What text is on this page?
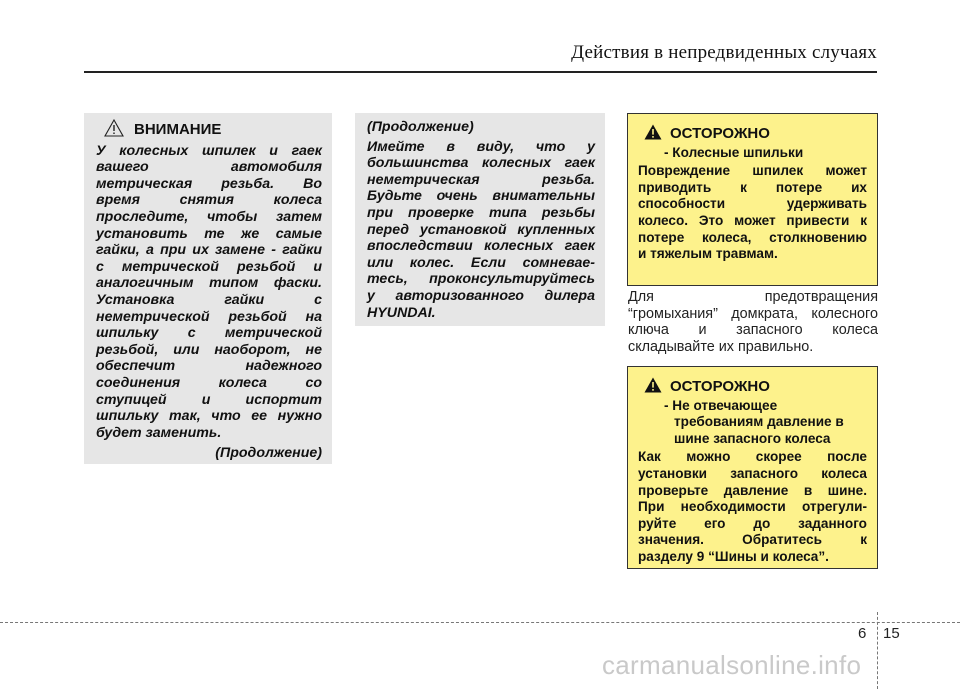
Действия в непредвиденных случаях
ВНИМАНИЕ

У колесных шпилек и гаек

вашего автомобиля

метрическая резьба. Во

время снятия колеса

проследите, чтобы затем

установить те же самые

гайки, а при их замене - гайки

с метрической резьбой и

аналогичным типом фаски.

Установка гайки с

неметрической резьбой на

шпильку с метрической

резьбой, или наоборот, не

обеспечит надежного

соединения колеса со

ступицей и испортит

шпильку так, что ее нужно

будет заменить.

(Продолжение)

(Продолжение)

Имейте в виду, что у

большинства колесных гаек

неметрическая резьба.

Будьте очень внимательны

при проверке типа резьбы

перед установкой купленных

впоследствии колесных гаек

или колес. Если сомневае-

тесь, проконсультируйтесь

у авторизованного дилера

HYUNDAI.

ОСТОРОЖНО

- Колесные шпильки

Повреждение шпилек может

приводить к потере их

способности удерживать

колесо. Это может привести к

потере колеса, столкновению

и тяжелым травмам.

Для предотвращения

“громыхания” домкрата, колесного

ключа и запасного колеса

складывайте их правильно.

ОСТОРОЖНО

- Не отвечающее

требованиям давление в

шине запасного колеса

Как можно скорее после

установки запасного колеса

проверьте давление в шине.

При необходимости отрегули-

руйте его до заданного

значения. Обратитесь к

разделу 9 “Шины и колеса”.

6 15
carmanualsonline.info
